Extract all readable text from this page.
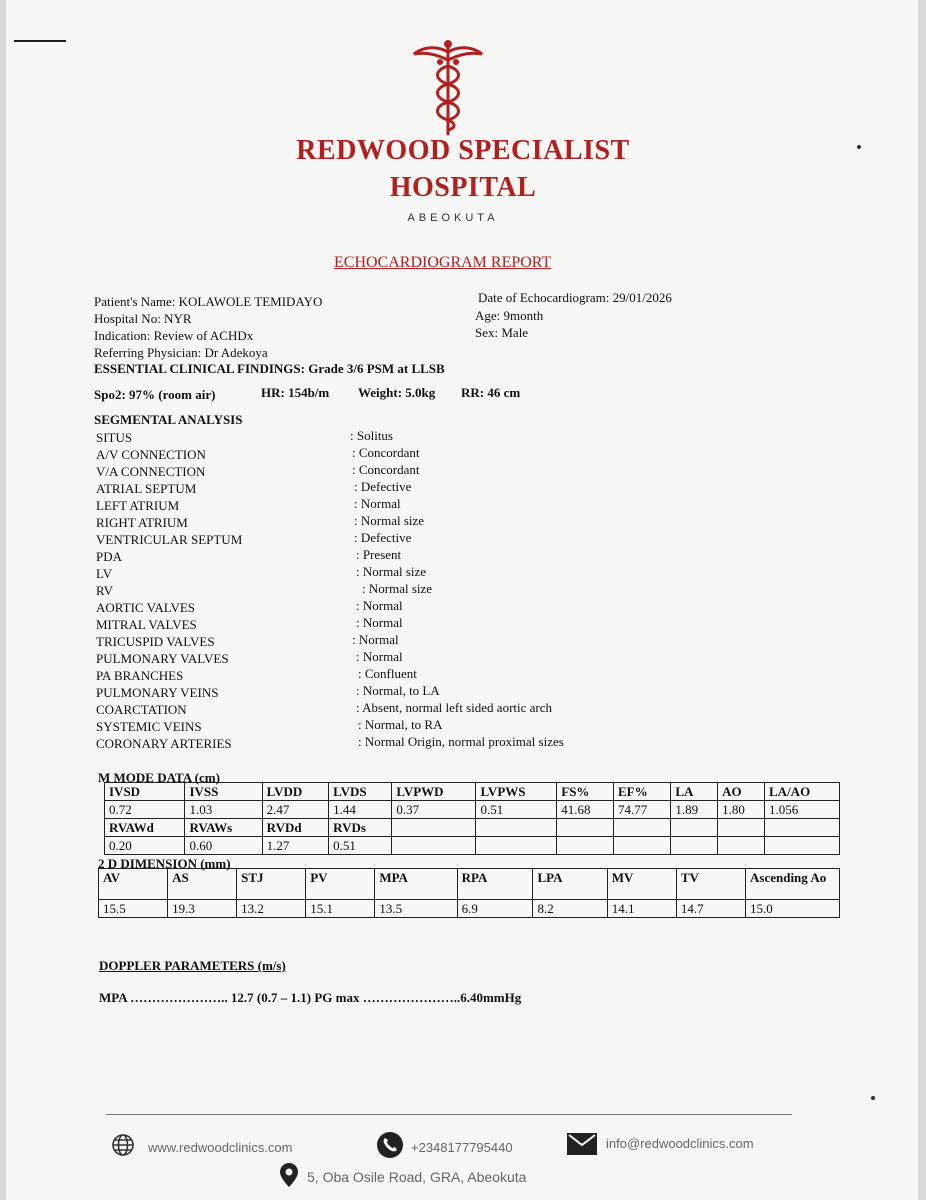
REDWOOD SPECIALIST
HOSPITAL
ABEOKUTA
ECHOCARDIOGRAM REPORT
Patient's Name: KOLAWOLE TEMIDAYO
Hospital No: NYR
Indication: Review of ACHDx
Referring Physician: Dr Adekoya
Date of Echocardiogram: 29/01/2026
Age: 9month
Sex: Male
ESSENTIAL CLINICAL FINDINGS: Grade 3/6 PSM at LLSB
Spo2: 97% (room air)	HR: 154b/m Weight: 5.0kg RR: 46 cm
SEGMENTAL ANALYSIS
SITUS	: Solitus
A/V CONNECTION	: Concordant
V/A CONNECTION	: Concordant
ATRIAL SEPTUM	: Defective
LEFT ATRIUM	: Normal
RIGHT ATRIUM	: Normal size
VENTRICULAR SEPTUM	: Defective
PDA	: Present
LV	: Normal size
RV	: Normal size
AORTIC VALVES	: Normal
MITRAL VALVES	: Normal
TRICUSPID VALVES	: Normal
PULMONARY VALVES	: Normal
PA BRANCHES	: Confluent
PULMONARY VEINS	: Normal, to LA
COARCTATION	: Absent, normal left sided aortic arch
SYSTEMIC VEINS	: Normal, to RA
CORONARY ARTERIES	: Normal Origin, normal proximal sizes
M MODE DATA (cm)
IVSD	IVSS	LVDD	LVDS	LVPWD	LVPWS	FS%	EF%	LA	AO	LA/AO
0.72	1.03	2.47	1.44	0.37	0.51	41.68	74.77	1.89	1.80	1.056
RVAWd	RVAWs	RVDd	RVDs							
0.20	0.60	1.27	0.51							
2 D DIMENSION (mm)
AV	AS	STJ	PV	MPA	RPA	LPA	MV	TV	Ascending Ao
15.5	19.3	13.2	15.1	13.5	6.9	8.2	14.1	14.7	15.0
DOPPLER PARAMETERS (m/s)
MPA ………………….. 12.7 (0.7 – 1.1) PG max …………………..6.40mmHg
www.redwoodclinics.com	+2348177795440	info@redwoodclinics.com
5, Oba Osile Road, GRA, Abeokuta
